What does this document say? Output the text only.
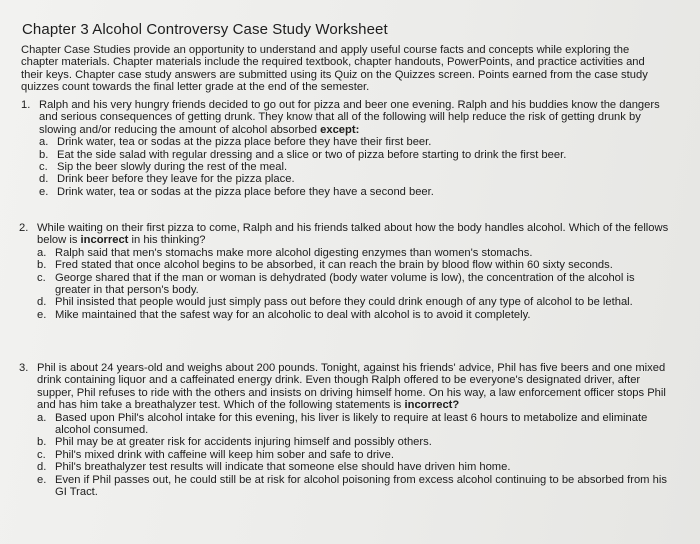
Chapter 3 Alcohol Controversy Case Study Worksheet
Chapter Case Studies provide an opportunity to understand and apply useful course facts and concepts while exploring the chapter materials. Chapter materials include the required textbook, chapter handouts, PowerPoints, and practice activities and their keys. Chapter case study answers are submitted using its Quiz on the Quizzes screen. Points earned from the case study quizzes count towards the final letter grade at the end of the semester.
1. Ralph and his very hungry friends decided to go out for pizza and beer one evening. Ralph and his buddies know the dangers and serious consequences of getting drunk. They know that all of the following will help reduce the risk of getting drunk by slowing and/or reducing the amount of alcohol absorbed except:
a. Drink water, tea or sodas at the pizza place before they have their first beer.
b. Eat the side salad with regular dressing and a slice or two of pizza before starting to drink the first beer.
c. Sip the beer slowly during the rest of the meal.
d. Drink beer before they leave for the pizza place.
e. Drink water, tea or sodas at the pizza place before they have a second beer.
2. While waiting on their first pizza to come, Ralph and his friends talked about how the body handles alcohol. Which of the fellows below is incorrect in his thinking?
a. Ralph said that men's stomachs make more alcohol digesting enzymes than women's stomachs.
b. Fred stated that once alcohol begins to be absorbed, it can reach the brain by blood flow within 60 sixty seconds.
c. George shared that if the man or woman is dehydrated (body water volume is low), the concentration of the alcohol is greater in that person's body.
d. Phil insisted that people would just simply pass out before they could drink enough of any type of alcohol to be lethal.
e. Mike maintained that the safest way for an alcoholic to deal with alcohol is to avoid it completely.
3. Phil is about 24 years-old and weighs about 200 pounds. Tonight, against his friends' advice, Phil has five beers and one mixed drink containing liquor and a caffeinated energy drink. Even though Ralph offered to be everyone's designated driver, after supper, Phil refuses to ride with the others and insists on driving himself home. On his way, a law enforcement officer stops Phil and has him take a breathalyzer test. Which of the following statements is incorrect?
a. Based upon Phil's alcohol intake for this evening, his liver is likely to require at least 6 hours to metabolize and eliminate alcohol consumed.
b. Phil may be at greater risk for accidents injuring himself and possibly others.
c. Phil's mixed drink with caffeine will keep him sober and safe to drive.
d. Phil's breathalyzer test results will indicate that someone else should have driven him home.
e. Even if Phil passes out, he could still be at risk for alcohol poisoning from excess alcohol continuing to be absorbed from his GI Tract.
